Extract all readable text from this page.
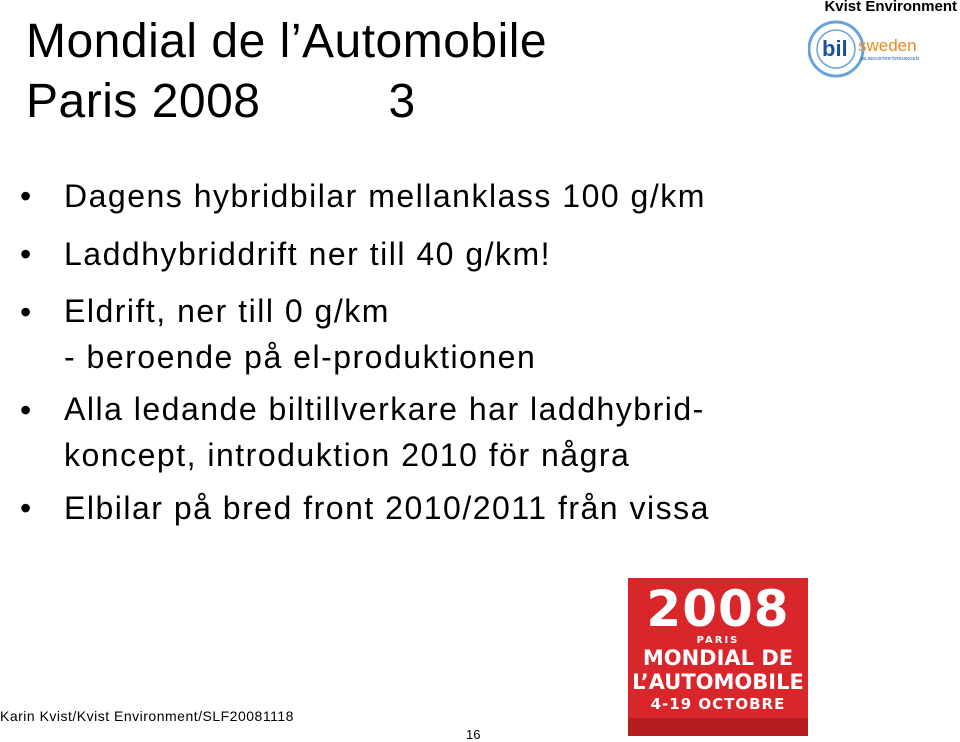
Mondial de l’Automobile
Paris 2008	3
Kvist Environment
bil sweden
BILINDUSTRIFÖRENINGEN
• Dagens hybridbilar mellanklass 100 g/km
• Laddhybriddrift ner till 40 g/km!
• Eldrift, ner till 0 g/km
- beroende på el-produktionen
• Alla ledande biltillverkare har laddhybrid-
koncept, introduktion 2010 för några
• Elbilar på bred front 2010/2011 från vissa
2008
PARIS
MONDIAL DE
L’AUTOMOBILE
4-19 OCTOBRE
Karin Kvist/Kvist Environment/SLF20081118
16
